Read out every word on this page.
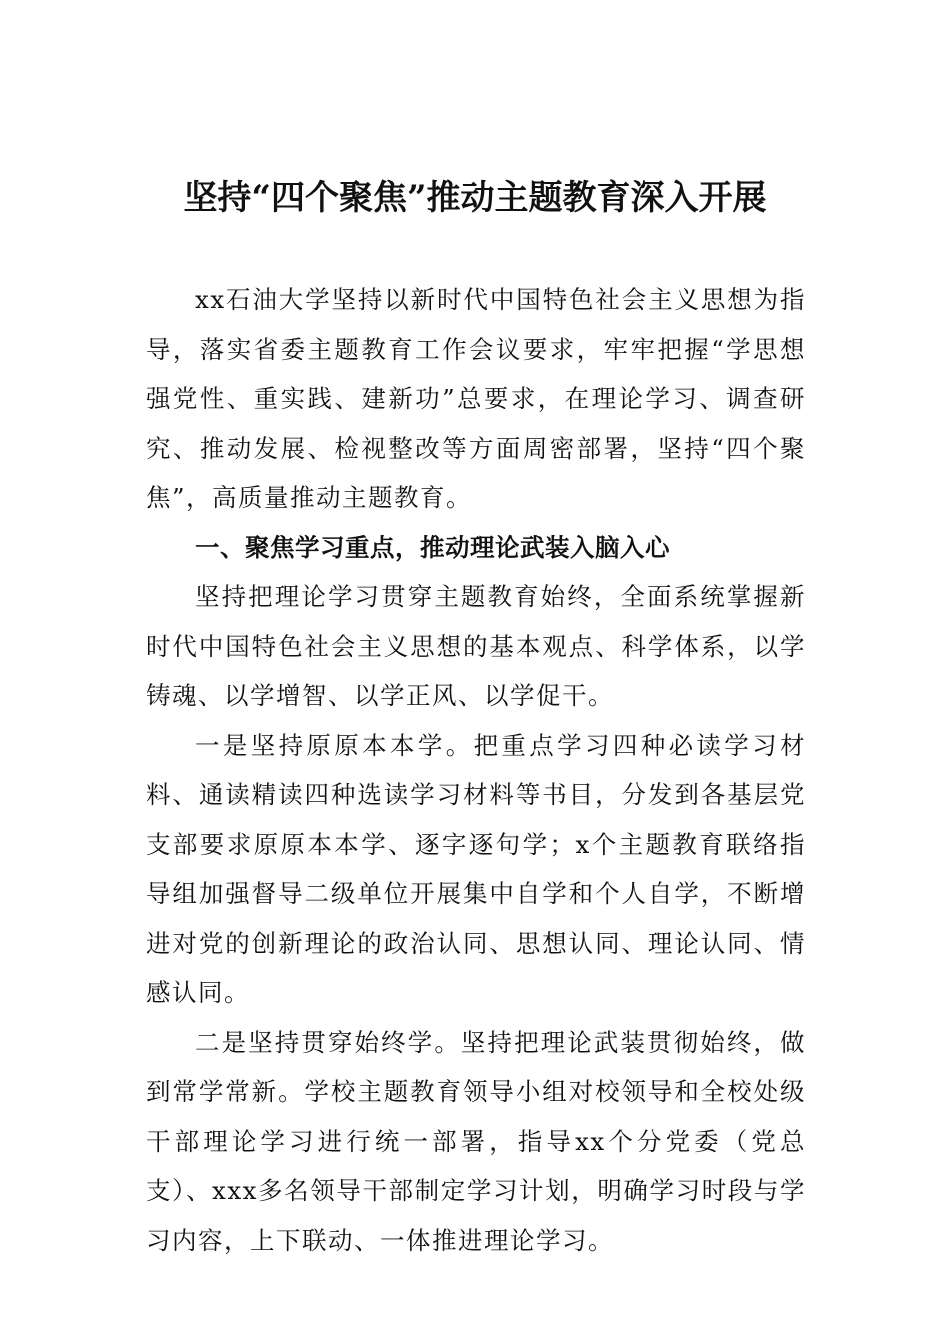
坚持“四个聚焦”推动主题教育深入开展

xx石油大学坚持以新时代中国特色社会主义思想为指导，落实省委主题教育工作会议要求，牢牢把握“学思想强党性、重实践、建新功”总要求，在理论学习、调查研究、推动发展、检视整改等方面周密部署，坚持“四个聚焦”，高质量推动主题教育。

一、聚焦学习重点，推动理论武装入脑入心

坚持把理论学习贯穿主题教育始终，全面系统掌握新时代中国特色社会主义思想的基本观点、科学体系，以学铸魂、以学增智、以学正风、以学促干。

一是坚持原原本本学。把重点学习四种必读学习材料、通读精读四种选读学习材料等书目，分发到各基层党支部要求原原本本学、逐字逐句学；x个主题教育联络指导组加强督导二级单位开展集中自学和个人自学，不断增进对党的创新理论的政治认同、思想认同、理论认同、情感认同。

二是坚持贯穿始终学。坚持把理论武装贯彻始终，做到常学常新。学校主题教育领导小组对校领导和全校处级干部理论学习进行统一部署，指导xx个分党委（党总支）、xxx多名领导干部制定学习计划，明确学习时段与学习内容，上下联动、一体推进理论学习。
